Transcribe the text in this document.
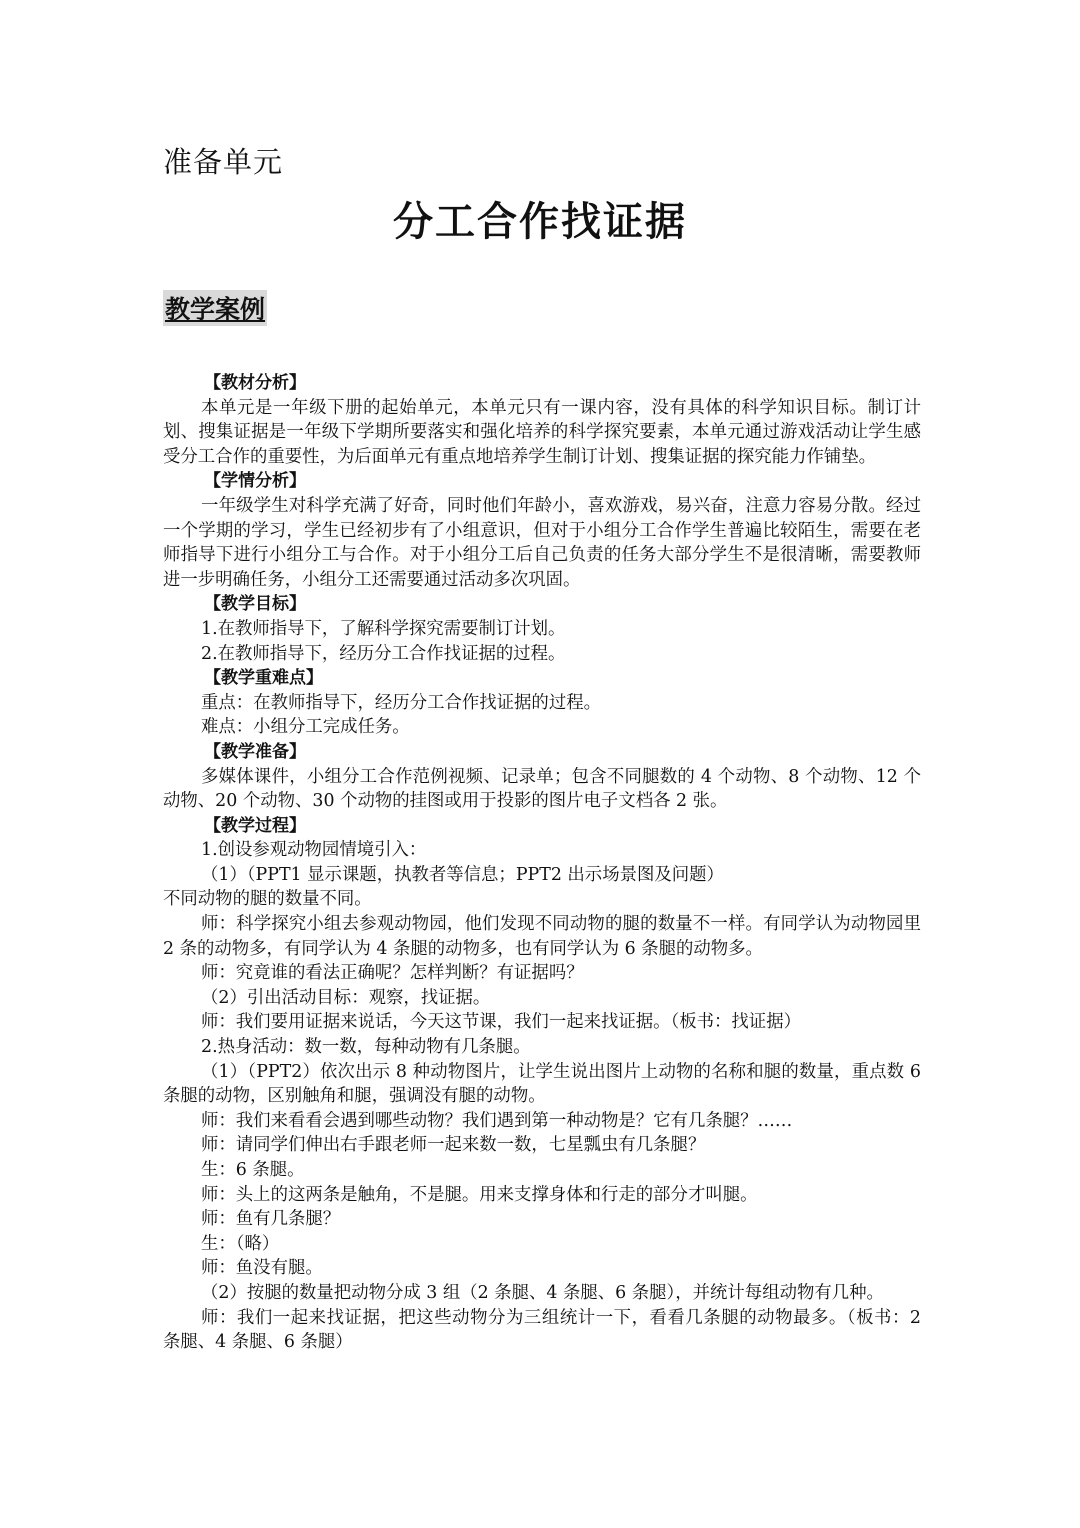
准备单元
分工合作找证据
教学案例

【教材分析】

本单元是一年级下册的起始单元，本单元只有一课内容，没有具体的科学知识目标。制订计划、搜集证据是一年级下学期所要落实和强化培养的科学探究要素，本单元通过游戏活动让学生感受分工合作的重要性，为后面单元有重点地培养学生制订计划、搜集证据的探究能力作铺垫。

【学情分析】

一年级学生对科学充满了好奇，同时他们年龄小，喜欢游戏，易兴奋，注意力容易分散。经过一个学期的学习，学生已经初步有了小组意识，但对于小组分工合作学生普遍比较陌生，需要在老师指导下进行小组分工与合作。对于小组分工后自己负责的任务大部分学生不是很清晰，需要教师进一步明确任务，小组分工还需要通过活动多次巩固。

【教学目标】

1.在教师指导下，了解科学探究需要制订计划。

2.在教师指导下，经历分工合作找证据的过程。

【教学重难点】

重点：在教师指导下，经历分工合作找证据的过程。

难点：小组分工完成任务。

【教学准备】

多媒体课件，小组分工合作范例视频、记录单；包含不同腿数的 4 个动物、8 个动物、12 个动物、20 个动物、30 个动物的挂图或用于投影的图片电子文档各 2 张。

【教学过程】

1.创设参观动物园情境引入：

（1）（PPT1 显示课题，执教者等信息；PPT2 出示场景图及问题）

不同动物的腿的数量不同。

师：科学探究小组去参观动物园，他们发现不同动物的腿的数量不一样。有同学认为动物园里 2 条的动物多，有同学认为 4 条腿的动物多，也有同学认为 6 条腿的动物多。

师：究竟谁的看法正确呢？怎样判断？有证据吗？

（2）引出活动目标：观察，找证据。

师：我们要用证据来说话，今天这节课，我们一起来找证据。（板书：找证据）

2.热身活动：数一数，每种动物有几条腿。

（1）（PPT2）依次出示 8 种动物图片，让学生说出图片上动物的名称和腿的数量，重点数 6 条腿的动物，区别触角和腿，强调没有腿的动物。

师：我们来看看会遇到哪些动物？我们遇到第一种动物是？它有几条腿？……

师：请同学们伸出右手跟老师一起来数一数，七星瓢虫有几条腿？

生：6 条腿。

师：头上的这两条是触角，不是腿。用来支撑身体和行走的部分才叫腿。

师：鱼有几条腿？

生：（略）

师：鱼没有腿。

（2）按腿的数量把动物分成 3 组（2 条腿、4 条腿、6 条腿），并统计每组动物有几种。

师：我们一起来找证据，把这些动物分为三组统计一下，看看几条腿的动物最多。（板书：2 条腿、4 条腿、6 条腿）
